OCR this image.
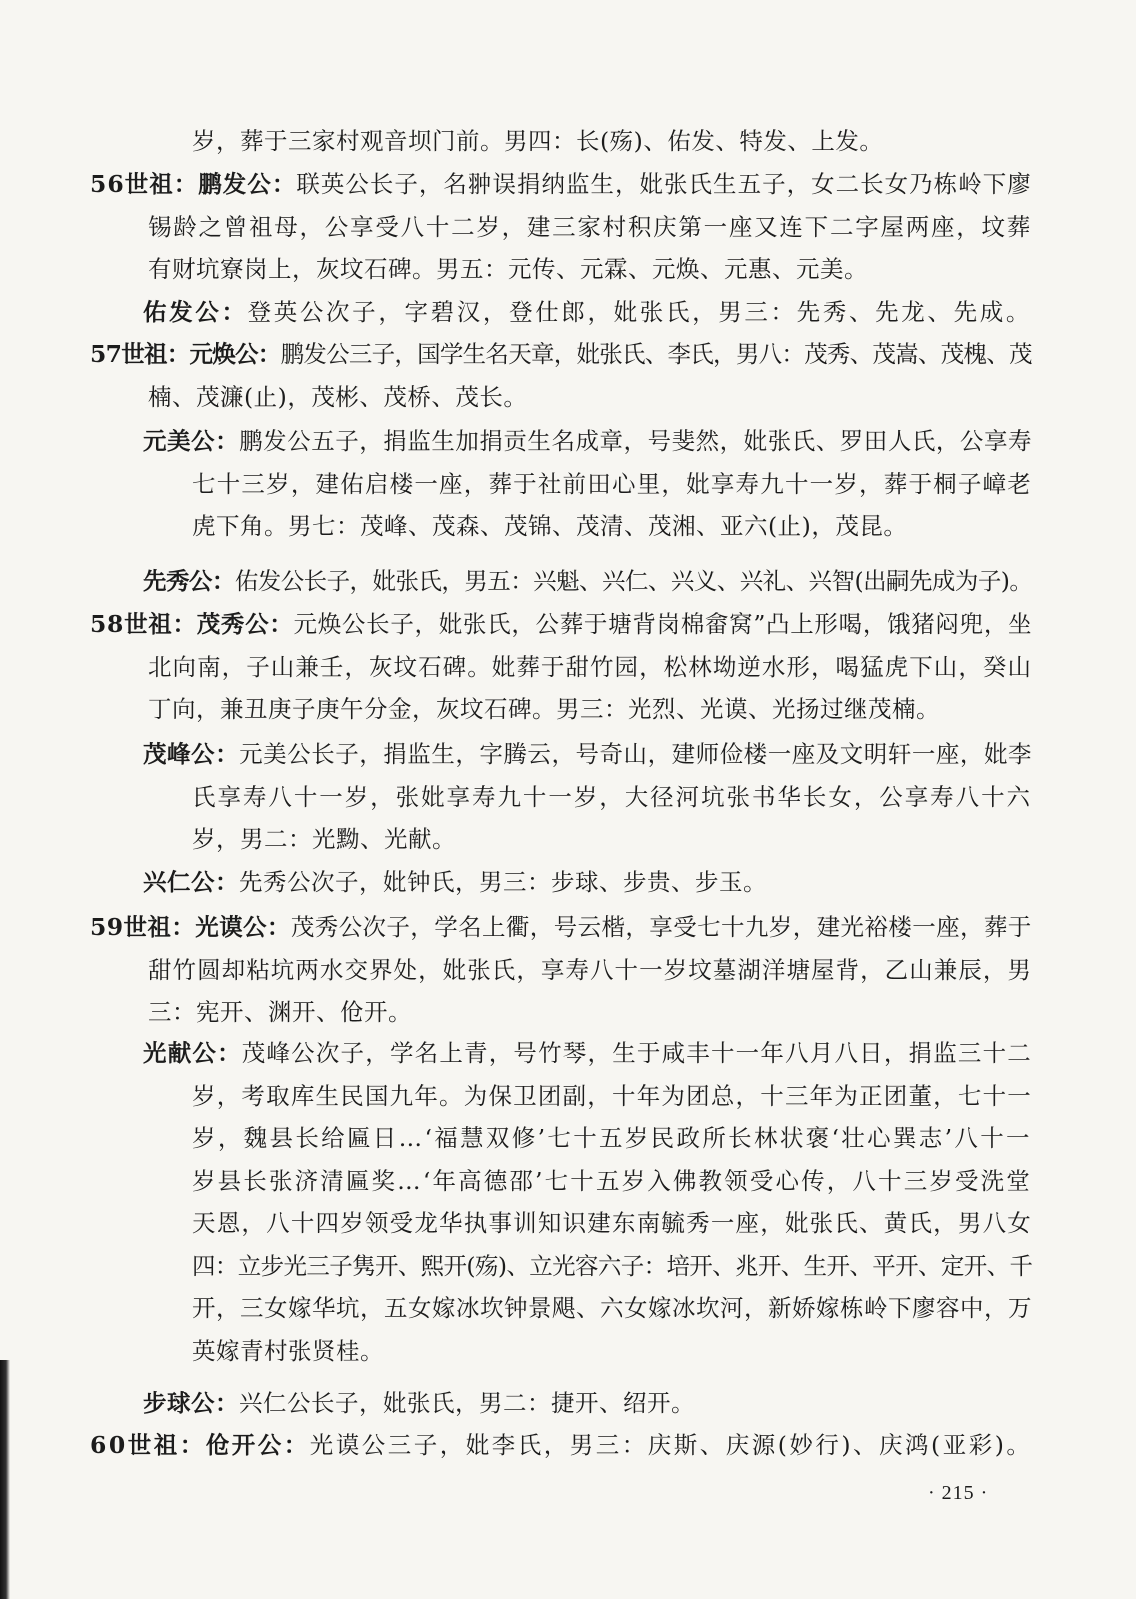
岁，葬于三家村观音坝门前。男四：长(殇)、佑发、特发、上发。
56世祖：鹏发公：联英公长子，名翀误捐纳监生，妣张氏生五子，女二长女乃栋岭下廖
锡龄之曾祖母，公享受八十二岁，建三家村积庆第一座又连下二字屋两座，坟葬
有财坑寮岗上，灰坟石碑。男五：元传、元霖、元焕、元惠、元美。
佑发公：登英公次子，字碧汉，登仕郎，妣张氏，男三：先秀、先龙、先成。
57世祖：元焕公：鹏发公三子，国学生名天章，妣张氏、李氏，男八：茂秀、茂嵩、茂槐、茂
楠、茂濂(止)，茂彬、茂桥、茂长。
元美公：鹏发公五子，捐监生加捐贡生名成章，号斐然，妣张氏、罗田人氏，公享寿
七十三岁，建佑启楼一座，葬于社前田心里，妣享寿九十一岁，葬于桐子嶂老
虎下角。男七：茂峰、茂森、茂锦、茂清、茂湘、亚六(止)，茂昆。
先秀公：佑发公长子，妣张氏，男五：兴魁、兴仁、兴义、兴礼、兴智(出嗣先成为子)。
58世祖：茂秀公：元焕公长子，妣张氏，公葬于塘背岗棉畲窝”凸上形喝，饿猪闷兜，坐
北向南，子山兼壬，灰坟石碑。妣葬于甜竹园，松林坳逆水形，喝猛虎下山，癸山
丁向，兼丑庚子庚午分金，灰坟石碑。男三：光烈、光谟、光扬过继茂楠。
茂峰公：元美公长子，捐监生，字腾云，号奇山，建师俭楼一座及文明轩一座，妣李
氏享寿八十一岁，张妣享寿九十一岁，大径河坑张书华长女，公享寿八十六
岁，男二：光黝、光献。
兴仁公：先秀公次子，妣钟氏，男三：步球、步贵、步玉。
59世祖：光谟公：茂秀公次子，学名上衢，号云楷，享受七十九岁，建光裕楼一座，葬于
甜竹圆却粘坑两水交界处，妣张氏，享寿八十一岁坟墓湖洋塘屋背，乙山兼辰，男
三：宪开、渊开、伧开。
光献公：茂峰公次子，学名上青，号竹琴，生于咸丰十一年八月八日，捐监三十二
岁，考取库生民国九年。为保卫团副，十年为团总，十三年为正团董，七十一
岁，魏县长给匾日…‘福慧双修’七十五岁民政所长林状褒‘壮心巽志’八十一
岁县长张济清匾奖…‘年高德邵’七十五岁入佛教领受心传，八十三岁受洗堂
天恩，八十四岁领受龙华执事训知识建东南毓秀一座，妣张氏、黄氏，男八女
四：立步光三子隽开、熙开(殇)、立光容六子：培开、兆开、生开、平开、定开、千
开，三女嫁华坑，五女嫁冰坎钟景飓、六女嫁冰坎河，新娇嫁栋岭下廖容中，万
英嫁青村张贤桂。
步球公：兴仁公长子，妣张氏，男二：捷开、绍开。
60世祖：伧开公：光谟公三子，妣李氏，男三：庆斯、庆源(妙行)、庆鸿(亚彩)。
· 215 ·
